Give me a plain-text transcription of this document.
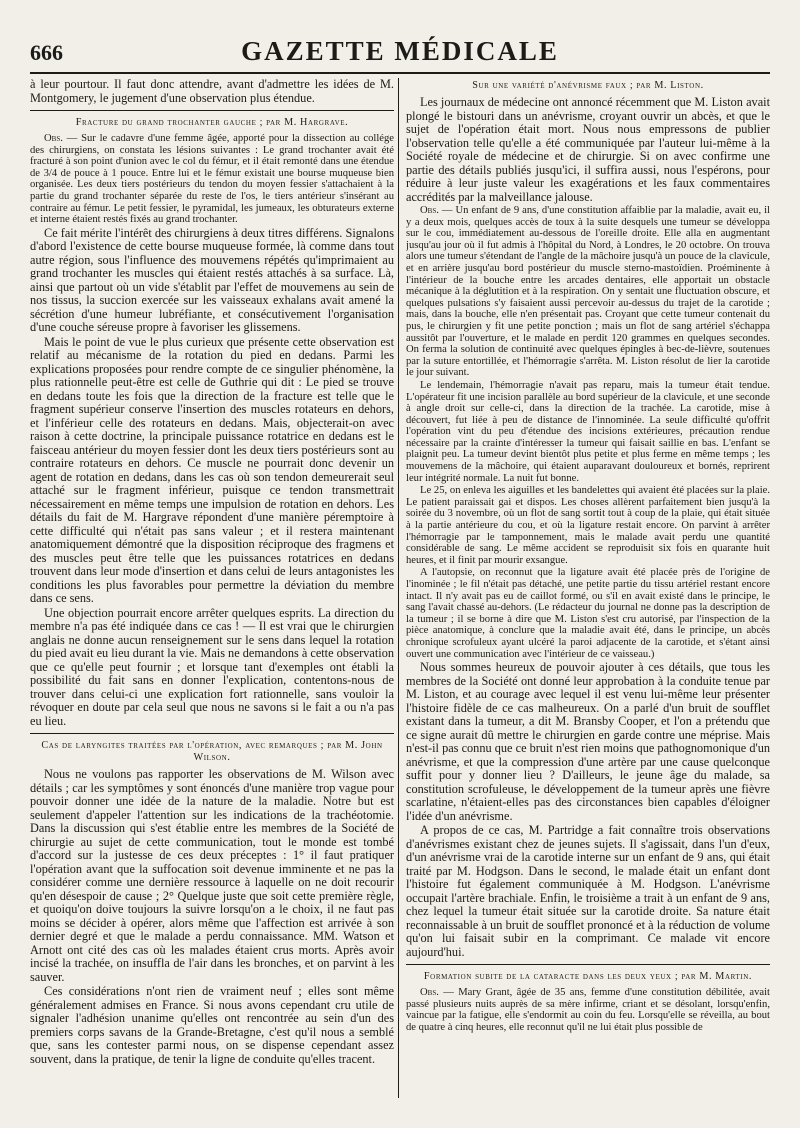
666	GAZETTE MÉDICALE

à leur pourtour. Il faut donc attendre, avant d'admettre les idées de M. Montgomery, le jugement d'une observation plus étendue.

Fracture du grand trochanter gauche ; par M. Hargrave.

Obs. — Sur le cadavre d'une femme âgée, apporté pour la dissection au collége des chirurgiens, on constata les lésions suivantes : Le grand trochanter avait été fracturé à son point d'union avec le col du fémur, et il était remonté dans une étendue de 3/4 de pouce à 1 pouce. Entre lui et le fémur existait une bourse muqueuse bien organisée. Les deux tiers postérieurs du tendon du moyen fessier s'attachaient à la partie du grand trochanter séparée du reste de l'os, le tiers antérieur s'insérant au contraire au fémur. Le petit fessier, le pyramidal, les jumeaux, les obturateurs externe et interne étaient restés fixés au grand trochanter.

Ce fait mérite l'intérêt des chirurgiens à deux titres différens. Signalons d'abord l'existence de cette bourse muqueuse formée, là comme dans tout autre région, sous l'influence des mouvemens répétés qu'imprimaient au grand trochanter les muscles qui étaient restés attachés à sa surface. Là, ainsi que partout où un vide s'établit par l'effet de mouvemens au sein de nos tissus, la succion exercée sur les vaisseaux exhalans avait amené la sécrétion d'une humeur lubréfiante, et consécutivement l'organisation d'une couche séreuse propre à favoriser les glissemens.

Mais le point de vue le plus curieux que présente cette observation est relatif au mécanisme de la rotation du pied en dedans. Parmi les explications proposées pour rendre compte de ce singulier phénomène, la plus rationnelle peut-être est celle de Guthrie qui dit : Le pied se trouve en dedans toute les fois que la direction de la fracture est telle que le fragment supérieur conserve l'insertion des muscles rotateurs en dehors, et l'inférieur celle des rotateurs en dedans. Mais, objecterait-on avec raison à cette doctrine, la principale puissance rotatrice en dedans est le faisceau antérieur du moyen fessier dont les deux tiers postérieurs sont au contraire rotateurs en dehors. Ce muscle ne pourrait donc devenir un agent de rotation en dedans, dans les cas où son tendon demeurerait seul attaché sur le fragment inférieur, puisque ce tendon transmettrait nécessairement en même temps une impulsion de rotation en dehors. Les détails du fait de M. Hargrave répondent d'une manière péremptoire à cette difficulté qui n'était pas sans valeur ; et il restera maintenant anatomiquement démontré que la disposition réciproque des fragmens et des muscles peut être telle que les puissances rotatrices en dedans trouvent dans leur mode d'insertion et dans celui de leurs antagonistes les conditions les plus favorables pour permettre la déviation du membre dans ce sens.

Une objection pourrait encore arrêter quelques esprits. La direction du membre n'a pas été indiquée dans ce cas ! — Il est vrai que le chirurgien anglais ne donne aucun renseignement sur le sens dans lequel la rotation du pied avait eu lieu durant la vie. Mais ne demandons à cette observation que ce qu'elle peut fournir ; et lorsque tant d'exemples ont établi la possibilité du fait sans en donner l'explication, contentons-nous de trouver dans celui-ci une explication fort rationnelle, sans vouloir la révoquer en doute par cela seul que nous ne savons si le fait a ou n'a pas eu lieu.

Cas de laryngites traitées par l'opération, avec remarques ; par M. John Wilson.

Nous ne voulons pas rapporter les observations de M. Wilson avec détails ; car les symptômes y sont énoncés d'une manière trop vague pour pouvoir donner une idée de la nature de la maladie. Notre but est seulement d'appeler l'attention sur les indications de la trachéotomie. Dans la discussion qui s'est établie entre les membres de la Société de chirurgie au sujet de cette communication, tout le monde est tombé d'accord sur la justesse de ces deux préceptes : 1° il faut pratiquer l'opération avant que la suffocation soit devenue imminente et ne pas la considérer comme une dernière ressource à laquelle on ne doit recourir qu'en désespoir de cause ; 2° Quelque juste que soit cette première règle, et quoiqu'on doive toujours la suivre lorsqu'on a le choix, il ne faut pas moins se décider à opérer, alors même que l'affection est arrivée à son dernier degré et que le malade a perdu connaissance. MM. Watson et Arnott ont cité des cas où les malades étaient crus morts. Après avoir incisé la trachée, on insuffla de l'air dans les bronches, et on parvint à les sauver.

Ces considérations n'ont rien de vraiment neuf ; elles sont même généralement admises en France. Si nous avons cependant cru utile de signaler l'adhésion unanime qu'elles ont rencontrée au sein d'un des premiers corps savans de la Grande-Bretagne, c'est qu'il nous a semblé que, sans les contester parmi nous, on se dispense cependant assez souvent, dans la pratique, de tenir la ligne de conduite qu'elles tracent.

Sur une variété d'anévrisme faux ; par M. Liston.

Les journaux de médecine ont annoncé récemment que M. Liston avait plongé le bistouri dans un anévrisme, croyant ouvrir un abcès, et que le sujet de l'opération était mort. Nous nous empressons de publier l'observation telle qu'elle a été communiquée par l'auteur lui-même à la Société royale de médecine et de chirurgie. Si on avec confirme une partie des détails publiés jusqu'ici, il suffira aussi, nous l'espérons, pour réduire à leur juste valeur les exagérations et les faux commentaires accrédités par la malveillance jalouse.

Obs. — Un enfant de 9 ans, d'une constitution affaiblie par la maladie, avait eu, il y a deux mois, quelques accès de toux à la suite desquels une tumeur se développa sur le cou, immédiatement au-dessous de l'oreille droite. Elle alla en augmentant jusqu'au jour où il fut admis à l'hôpital du Nord, à Londres, le 20 octobre. On trouva alors une tumeur s'étendant de l'angle de la mâchoire jusqu'à un pouce de la clavicule, et en arrière jusqu'au bord postérieur du muscle sterno-mastoïdien. Proéminente à l'intérieur de la bouche entre les arcades dentaires, elle apportait un obstacle mécanique à la déglutition et à la respiration. On y sentait une fluctuation obscure, et quelques pulsations s'y faisaient aussi percevoir au-dessus du trajet de la carotide ; mais, dans la bouche, elle n'en présentait pas. Croyant que cette tumeur contenait du pus, le chirurgien y fit une petite ponction ; mais un flot de sang artériel s'échappa aussitôt par l'ouverture, et le malade en perdit 120 grammes en quelques secondes. On ferma la solution de continuité avec quelques épingles à bec-de-lièvre, soutenues par la suture entortillée, et l'hémorragie s'arrêta. M. Liston résolut de lier la carotide le jour suivant.

Le lendemain, l'hémorragie n'avait pas reparu, mais la tumeur était tendue. L'opérateur fit une incision parallèle au bord supérieur de la clavicule, et une seconde à angle droit sur celle-ci, dans la direction de la trachée. La carotide, mise à découvert, fut liée à peu de distance de l'innominée. La seule difficulté qu'offrit l'opération vint du peu d'étendue des incisions extérieures, précaution rendue nécessaire par la crainte d'intéresser la tumeur qui faisait saillie en bas. L'enfant se plaignit peu. La tumeur devint bientôt plus petite et plus ferme en même temps ; les mouvemens de la mâchoire, qui étaient auparavant douloureux et bornés, reprirent leur intégrité normale. La nuit fut bonne.

Le 25, on enleva les aiguilles et les bandelettes qui avaient été placées sur la plaie. Le patient paraissait gai et dispos. Les choses allèrent parfaitement bien jusqu'à la soirée du 3 novembre, où un flot de sang sortit tout à coup de la plaie, qui était située à la partie antérieure du cou, et où la ligature restait encore. On parvint à arrêter l'hémorragie par le tamponnement, mais le malade avait perdu une quantité considérable de sang. Le même accident se reproduisit six fois en quarante huit heures, et il finit par mourir exsangue.

A l'autopsie, on reconnut que la ligature avait été placée près de l'origine de l'inominée ; le fil n'était pas détaché, une petite partie du tissu artériel restant encore intact. Il n'y avait pas eu de caillot formé, ou s'il en avait existé dans le principe, le sang l'avait chassé au-dehors. (Le rédacteur du journal ne donne pas la description de la tumeur ; il se borne à dire que M. Liston s'est cru autorisé, par l'inspection de la pièce anatomique, à conclure que la maladie avait été, dans le principe, un abcès chronique scrofuleux ayant ulcéré la paroi adjacente de la carotide, et s'étant ainsi ouvert une communication avec l'intérieur de ce vaisseau.)

Nous sommes heureux de pouvoir ajouter à ces détails, que tous les membres de la Société ont donné leur approbation à la conduite tenue par M. Liston, et au courage avec lequel il est venu lui-même leur présenter l'histoire fidèle de ce cas malheureux. On a parlé d'un bruit de soufflet existant dans la tumeur, a dit M. Bransby Cooper, et l'on a prétendu que ce signe aurait dû mettre le chirurgien en garde contre une méprise. Mais n'est-il pas connu que ce bruit n'est rien moins que pathognomonique d'un anévrisme, et que la compression d'une artère par une cause quelconque suffit pour y donner lieu ? D'ailleurs, le jeune âge du malade, sa constitution scrofuleuse, le développement de la tumeur après une fièvre scarlatine, n'étaient-elles pas des circonstances bien capables d'éloigner l'idée d'un anévrisme.

A propos de ce cas, M. Partridge a fait connaître trois observations d'anévrismes existant chez de jeunes sujets. Il s'agissait, dans l'un d'eux, d'un anévrisme vrai de la carotide interne sur un enfant de 9 ans, qui était traité par M. Hodgson. Dans le second, le malade était un enfant dont l'histoire fut également communiquée à M. Hodgson. L'anévrisme occupait l'artère brachiale. Enfin, le troisième a trait à un enfant de 9 ans, chez lequel la tumeur était située sur la carotide droite. Sa nature était reconnaissable à un bruit de soufflet prononcé et à la réduction de volume qu'on lui faisait subir en la comprimant. Ce malade vit encore aujourd'hui.

Formation subite de la cataracte dans les deux yeux ; par M. Martin.

Obs. — Mary Grant, âgée de 35 ans, femme d'une constitution débilitée, avait passé plusieurs nuits auprès de sa mère infirme, criant et se désolant, lorsqu'enfin, vaincue par la fatigue, elle s'endormit au coin du feu. Lorsqu'elle se réveilla, au bout de quatre à cinq heures, elle reconnut qu'il ne lui était plus possible de
